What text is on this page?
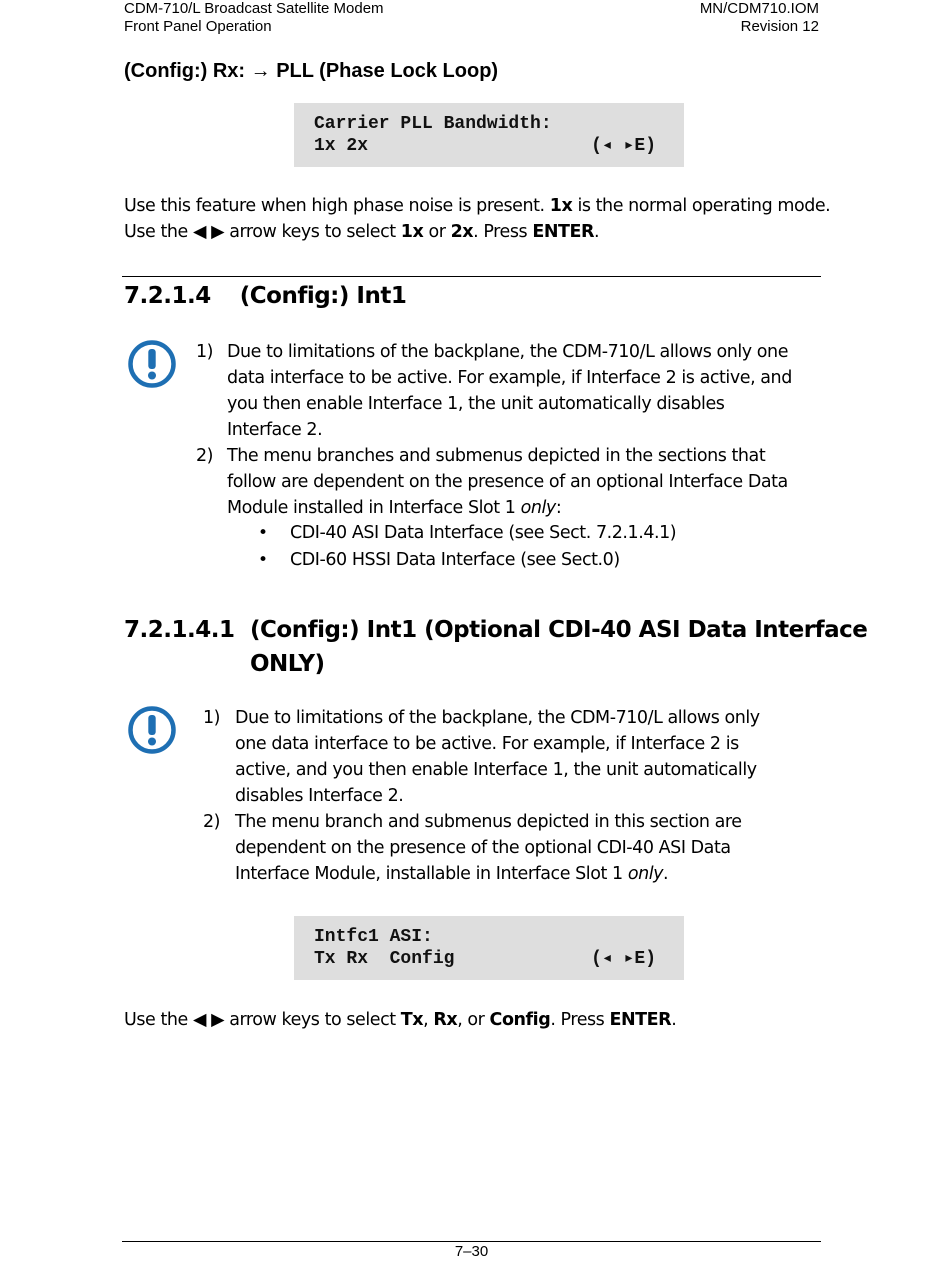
CDM-710/L Broadcast Satellite Modem
Front Panel Operation
MN/CDM710.IOM
Revision 12
(Config:) Rx: → PLL (Phase Lock Loop)
Carrier PLL Bandwidth:
1x 2x	(◂ ▸E)
Use this feature when high phase noise is present. 1x is the normal operating mode.
Use the ◀ ▶ arrow keys to select 1x or 2x. Press ENTER.
7.2.1.4 (Config:) Int1
1) Due to limitations of the backplane, the CDM-710/L allows only one
data interface to be active. For example, if Interface 2 is active, and
you then enable Interface 1, the unit automatically disables
Interface 2.
2) The menu branches and submenus depicted in the sections that
follow are dependent on the presence of an optional Interface Data
Module installed in Interface Slot 1 only:
• CDI-40 ASI Data Interface (see Sect. 7.2.1.4.1)
• CDI-60 HSSI Data Interface (see Sect.0)
7.2.1.4.1 (Config:) Int1 (Optional CDI-40 ASI Data Interface
ONLY)
1) Due to limitations of the backplane, the CDM-710/L allows only
one data interface to be active. For example, if Interface 2 is
active, and you then enable Interface 1, the unit automatically
disables Interface 2.
2) The menu branch and submenus depicted in this section are
dependent on the presence of the optional CDI-40 ASI Data
Interface Module, installable in Interface Slot 1 only.
Intfc1 ASI:
Tx Rx  Config	(◂ ▸E)
Use the ◀ ▶ arrow keys to select Tx, Rx, or Config. Press ENTER.
7–30
